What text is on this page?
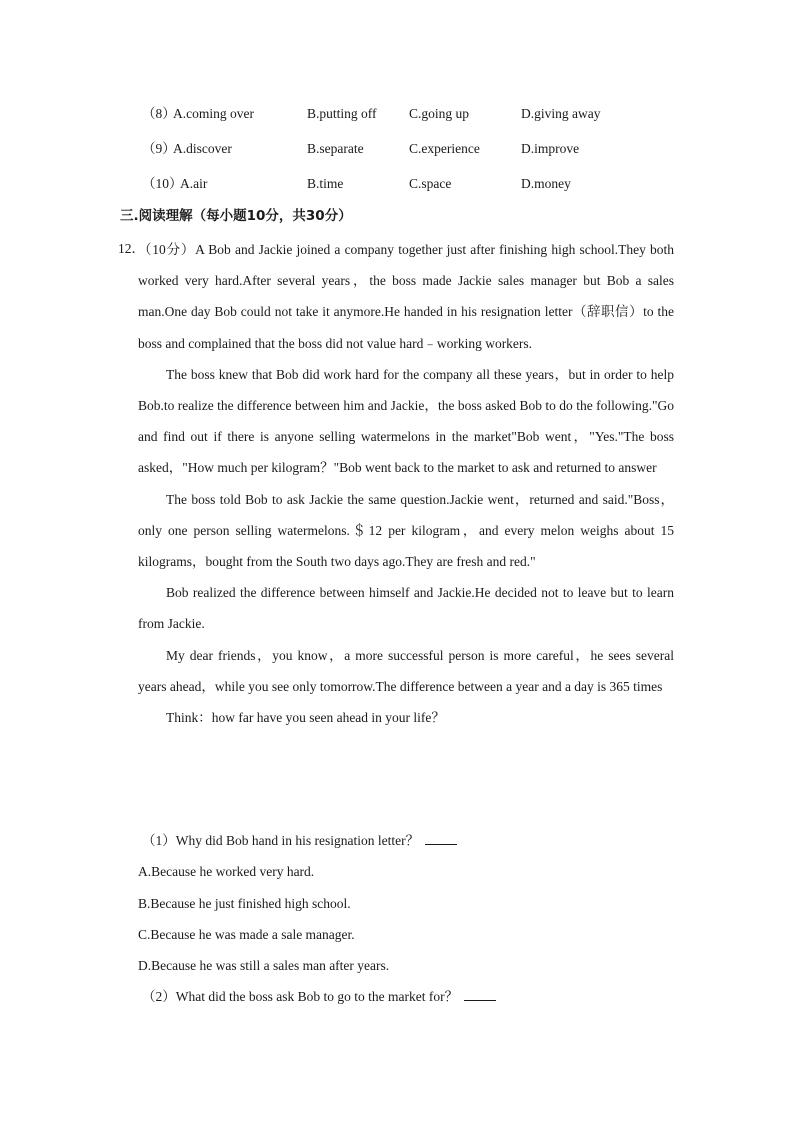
（8）
A.coming over	B.putting off C.going up	D.giving away
（9）
A.discover	B.separate	C.experience	D.improve
（10）
A.air	B.time	C.space	D.money
三.阅读理解（每小题10分，共30分）
12．

（10分）A Bob and Jackie joined a company together just after finishing high school.They both worked very hard.After several years，the boss made Jackie sales manager but Bob a sales man.One day Bob could not take it anymore.He handed in his resignation letter（辞职信）to the boss and complained that the boss did not value hard﹣working workers.

The boss knew that Bob did work hard for the company all these years，but in order to help Bob.to realize the difference between him and Jackie，the boss asked Bob to do the following."Go and find out if there is anyone selling watermelons in the market"Bob went，"Yes."The boss asked，"How much per kilogram？"Bob went back to the market to ask and returned to answer

The boss told Bob to ask Jackie the same question.Jackie went，returned and said."Boss，only one person selling watermelons.＄12 per kilogram，and every melon weighs about 15 kilograms，bought from the South two days ago.They are fresh and red."

Bob realized the difference between himself and Jackie.He decided not to leave but to learn from Jackie.

My dear friends，you know，a more successful person is more careful，he sees several years ahead，while you see only tomorrow.The difference between a year and a day is 365 times

Think：how far have you seen ahead in your life？

（1）Why did Bob hand in his resignation letter？
A.Because he worked very hard.
B.Because he just finished high school.
C.Because he was made a sale manager.
D.Because he was still a sales man after years.
（2）What did the boss ask Bob to go to the market for？
